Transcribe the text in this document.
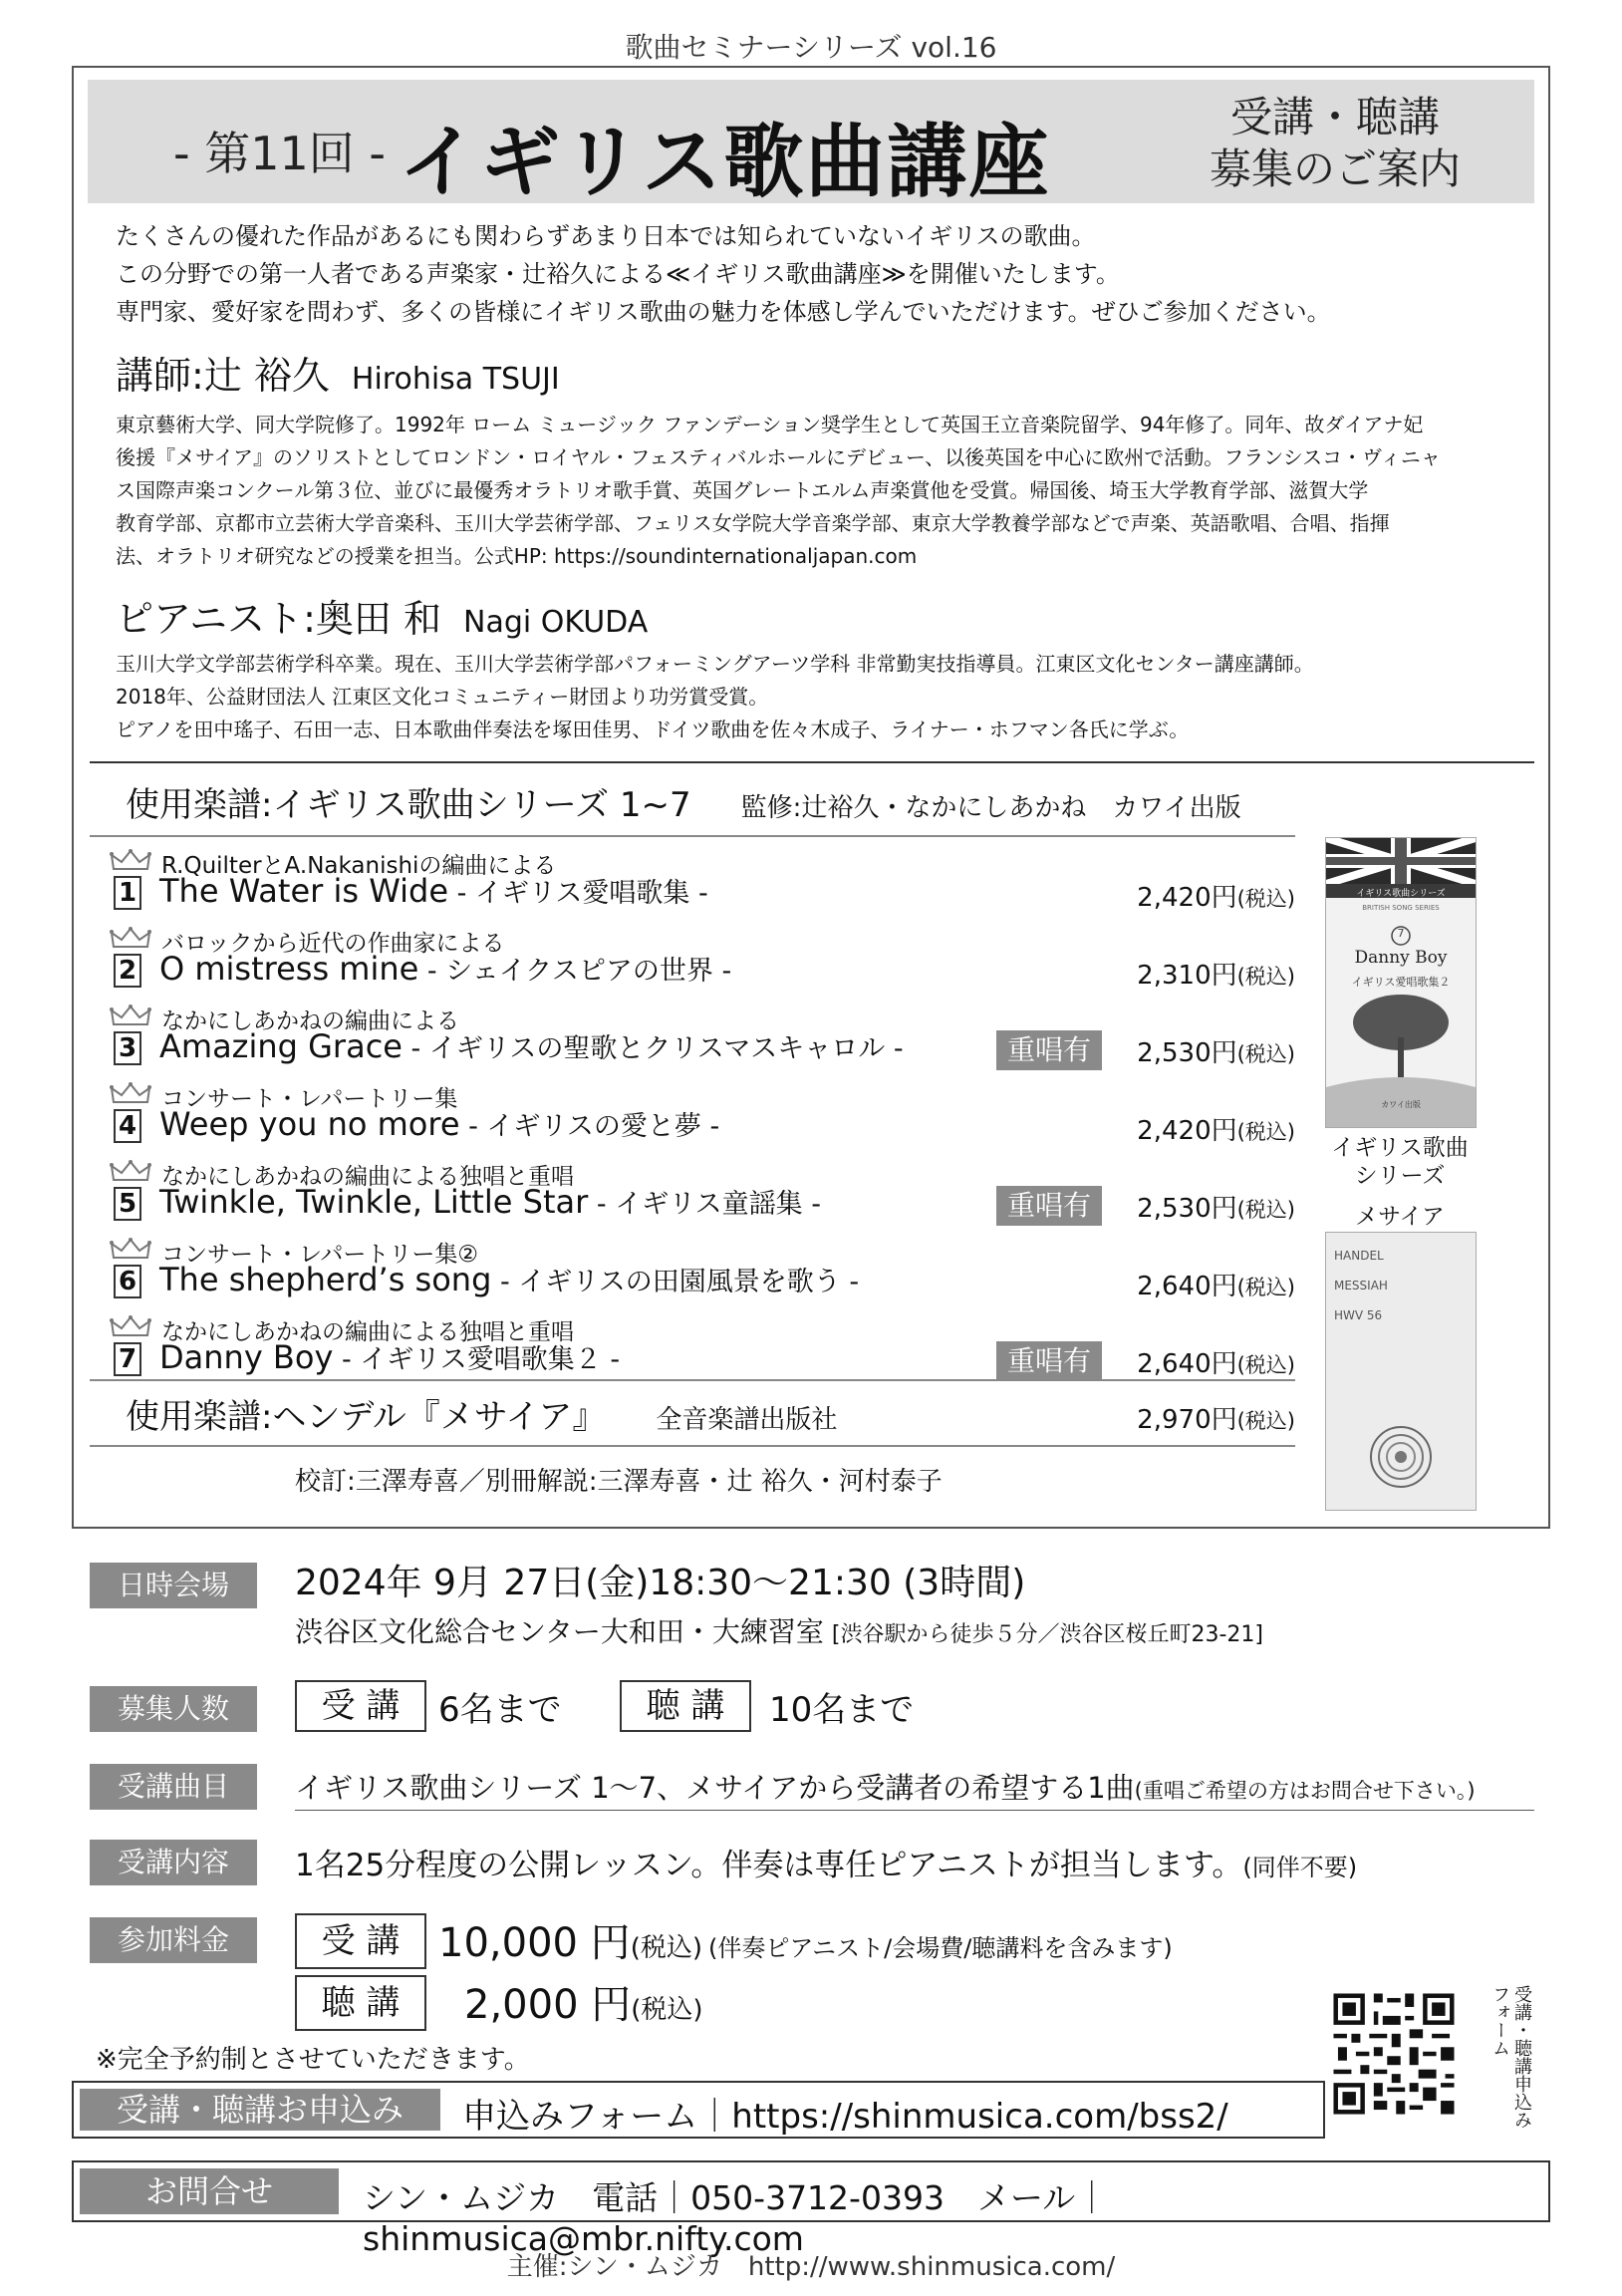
歌曲セミナーシリーズ vol.16
- 第11回 - イギリス歌曲講座	受講・聴講
募集のご案内
たくさんの優れた作品があるにも関わらずあまり日本では知られていないイギリスの歌曲。
この分野での第一人者である声楽家・辻裕久による≪イギリス歌曲講座≫を開催いたします。
専門家、愛好家を問わず、多くの皆様にイギリス歌曲の魅力を体感し学んでいただけます。ぜひご参加ください。
講師:辻 裕久 Hirohisa TSUJI
東京藝術大学、同大学院修了。1992年 ローム ミュージック ファンデーション奨学生として英国王立音楽院留学、94年修了。同年、故ダイアナ妃
後援『メサイア』のソリストとしてロンドン・ロイヤル・フェスティバルホールにデビュー、以後英国を中心に欧州で活動。フランシスコ・ヴィニャ
ス国際声楽コンクール第３位、並びに最優秀オラトリオ歌手賞、英国グレートエルム声楽賞他を受賞。帰国後、埼玉大学教育学部、滋賀大学
教育学部、京都市立芸術大学音楽科、玉川大学芸術学部、フェリス女学院大学音楽学部、東京大学教養学部などで声楽、英語歌唱、合唱、指揮
法、オラトリオ研究などの授業を担当。公式HP: https://soundinternationaljapan.com
ピアニスト:奥田 和 Nagi OKUDA
玉川大学文学部芸術学科卒業。現在、玉川大学芸術学部パフォーミングアーツ学科 非常勤実技指導員。江東区文化センター講座講師。
2018年、公益財団法人 江東区文化コミュニティー財団より功労賞受賞。
ピアノを田中瑤子、石田一志、日本歌曲伴奏法を塚田佳男、ドイツ歌曲を佐々木成子、ライナー・ホフマン各氏に学ぶ。
使用楽譜:イギリス歌曲シリーズ 1~7 監修:辻裕久・なかにしあかね　カワイ出版
1
R.QuilterとA.Nakanishiの編曲による
The Water is Wide - イギリス愛唱歌集 -	2,420円(税込)
2
バロックから近代の作曲家による
O mistress mine - シェイクスピアの世界 -	2,310円(税込)
3
なかにしあかねの編曲による
Amazing Grace - イギリスの聖歌とクリスマスキャロル -	重唱有	2,530円(税込)
4
コンサート・レパートリー集
Weep you no more - イギリスの愛と夢 -	2,420円(税込)
5
なかにしあかねの編曲による独唱と重唱
Twinkle, Twinkle, Little Star - イギリス童謡集 -	重唱有	2,530円(税込)
6
コンサート・レパートリー集②
The shepherd’s song - イギリスの田園風景を歌う -	2,640円(税込)
7
なかにしあかねの編曲による独唱と重唱
Danny Boy - イギリス愛唱歌集２ -	重唱有	2,640円(税込)
使用楽譜:ヘンデル『メサイア』 全音楽譜出版社	2,970円(税込)
校訂:三澤寿喜／別冊解説:三澤寿喜・辻 裕久・河村泰子
イギリス歌曲シリーズ
BRITISH SONG SERIES
7
Danny Boy
イギリス愛唱歌集２
カワイ出版
イギリス歌曲
シリーズ
メサイア
HANDEL
MESSIAH
HWV 56
日時会場	2024年 9月 27日(金)18:30～21:30 (3時間)
渋谷区文化総合センター大和田・大練習室 [渋谷駅から徒歩５分／渋谷区桜丘町23-21]
募集人数	受 講	6名まで	聴 講	10名まで
受講曲目	イギリス歌曲シリーズ 1～7、メサイアから受講者の希望する1曲(重唱ご希望の方はお問合せ下さい。)
受講内容	1名25分程度の公開レッスン。伴奏は専任ピアニストが担当します。(同伴不要)
参加料金	受 講 10,000 円(税込) (伴奏ピアニスト/会場費/聴講料を含みます)
聴 講	2,000 円(税込)
※完全予約制とさせていただきます。	受講・聴講申込みフォーム
受講・聴講お申込み	申込みフォーム｜https://shinmusica.com/bss2/
お問合せ	シン・ムジカ　電話｜050-3712-0393　メール｜shinmusica@mbr.nifty.com
主催:シン・ムジカ　http://www.shinmusica.com/
